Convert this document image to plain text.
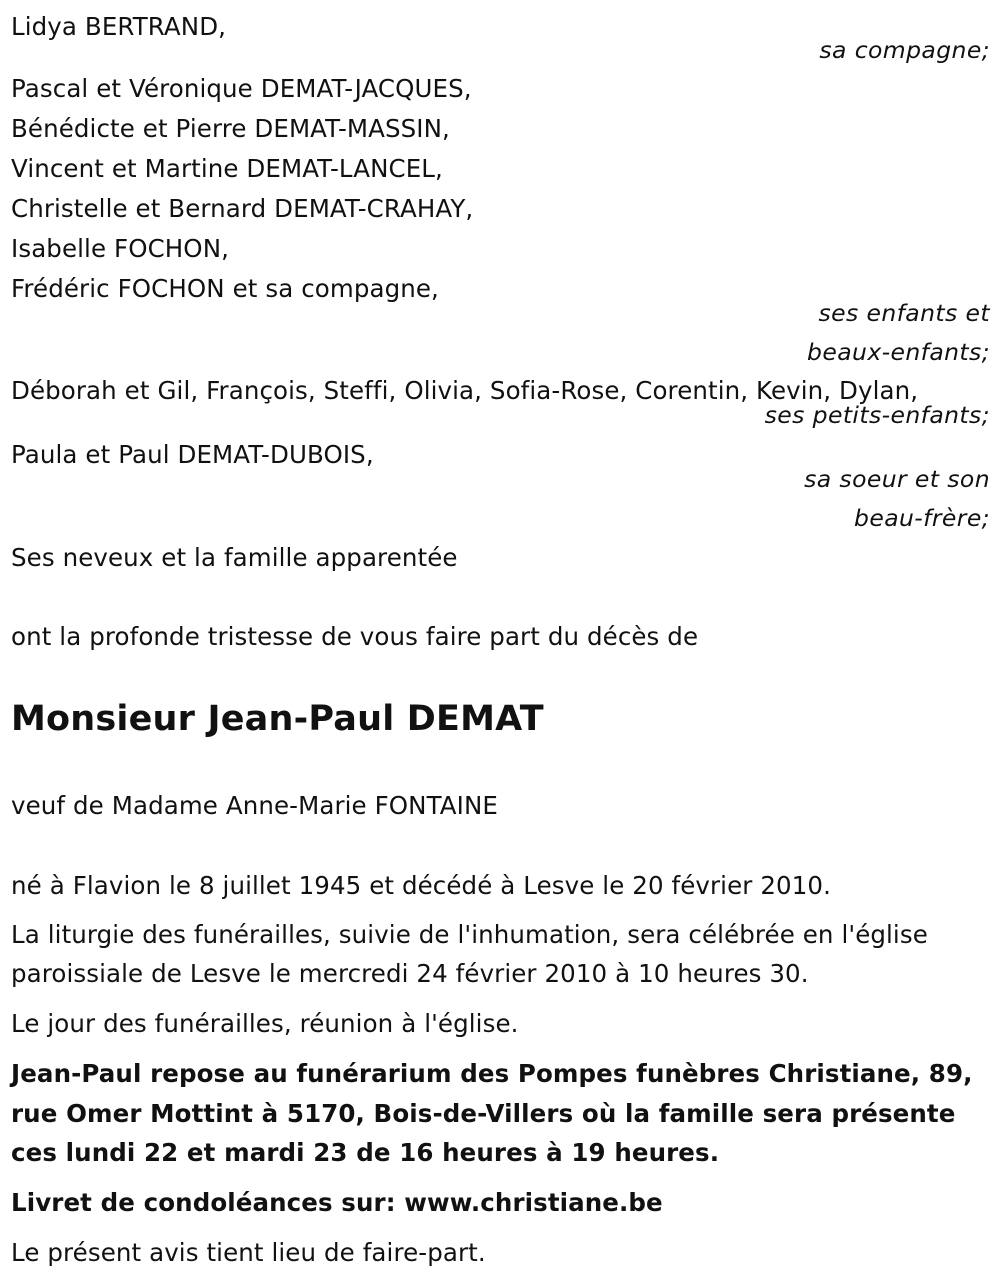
Lidya BERTRAND,
sa compagne;
Pascal et Véronique DEMAT-JACQUES,
Bénédicte et Pierre DEMAT-MASSIN,
Vincent et Martine DEMAT-LANCEL,
Christelle et Bernard DEMAT-CRAHAY,
Isabelle FOCHON,
Frédéric FOCHON et sa compagne,
ses enfants et
beaux-enfants;
Déborah et Gil, François, Steffi, Olivia, Sofia-Rose, Corentin, Kevin, Dylan,
ses petits-enfants;
Paula et Paul DEMAT-DUBOIS,
sa soeur et son
beau-frère;
Ses neveux et la famille apparentée
ont la profonde tristesse de vous faire part du décès de
Monsieur Jean-Paul DEMAT
veuf de Madame Anne-Marie FONTAINE
né à Flavion le 8 juillet 1945 et décédé à Lesve le 20 février 2010.
La liturgie des funérailles, suivie de l'inhumation, sera célébrée en l'église
paroissiale de Lesve le mercredi 24 février 2010 à 10 heures 30.
Le jour des funérailles, réunion à l'église.
Jean-Paul repose au funérarium des Pompes funèbres Christiane, 89,
rue Omer Mottint à 5170, Bois-de-Villers où la famille sera présente
ces lundi 22 et mardi 23 de 16 heures à 19 heures.
Livret de condoléances sur: www.christiane.be
Le présent avis tient lieu de faire-part.
